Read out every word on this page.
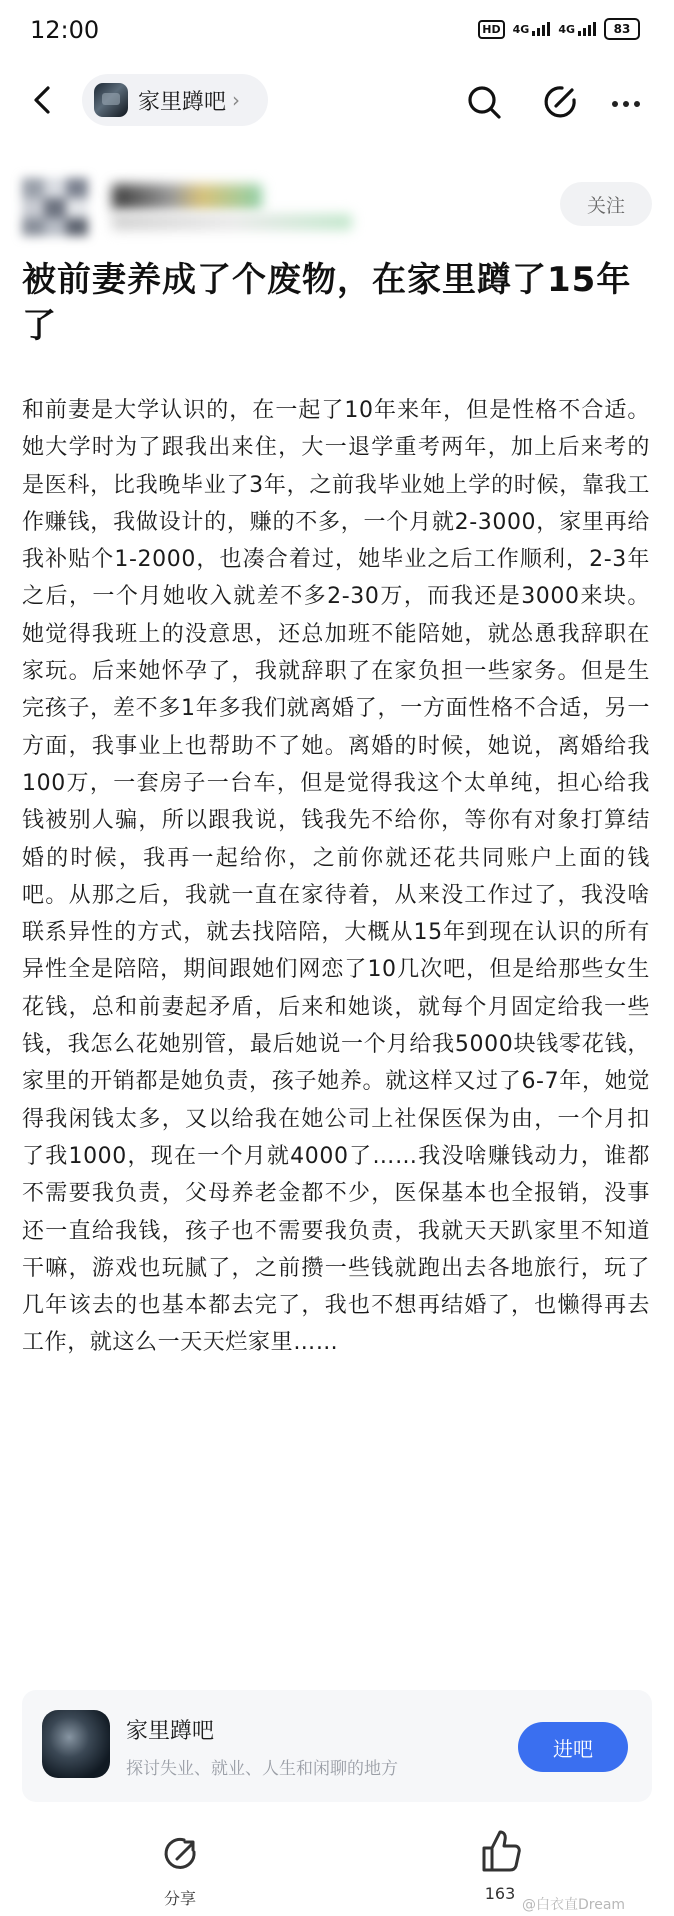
12:00	HD	4G	4G	83
家里蹲吧 ›
关注
被前妻养成了个废物，在家里蹲了15年了

和前妻是大学认识的，在一起了10年来年，但是性格不合适。她大学时为了跟我出来住，大一退学重考两年，加上后来考的是医科，比我晚毕业了3年，之前我毕业她上学的时候，靠我工作赚钱，我做设计的，赚的不多，一个月就2-3000，家里再给我补贴个1-2000，也凑合着过，她毕业之后工作顺利，2-3年之后，一个月她收入就差不多2-30万，而我还是3000来块。她觉得我班上的没意思，还总加班不能陪她，就怂恿我辞职在家玩。后来她怀孕了，我就辞职了在家负担一些家务。但是生完孩子，差不多1年多我们就离婚了，一方面性格不合适，另一方面，我事业上也帮助不了她。离婚的时候，她说，离婚给我100万，一套房子一台车，但是觉得我这个太单纯，担心给我钱被别人骗，所以跟我说，钱我先不给你，等你有对象打算结婚的时候，我再一起给你，之前你就还花共同账户上面的钱吧。从那之后，我就一直在家待着，从来没工作过了，我没啥联系异性的方式，就去找陪陪，大概从15年到现在认识的所有异性全是陪陪，期间跟她们网恋了10几次吧，但是给那些女生花钱，总和前妻起矛盾，后来和她谈，就每个月固定给我一些钱，我怎么花她别管，最后她说一个月给我5000块钱零花钱，家里的开销都是她负责，孩子她养。就这样又过了6-7年，她觉得我闲钱太多，又以给我在她公司上社保医保为由，一个月扣了我1000，现在一个月就4000了……我没啥赚钱动力，谁都不需要我负责，父母养老金都不少，医保基本也全报销，没事还一直给我钱，孩子也不需要我负责，我就天天趴家里不知道干嘛，游戏也玩腻了，之前攒一些钱就跑出去各地旅行，玩了几年该去的也基本都去完了，我也不想再结婚了，也懒得再去工作，就这么一天天烂家里……

家里蹲吧
探讨失业、就业、人生和闲聊的地方
进吧
分享	163
@白衣直Dream
